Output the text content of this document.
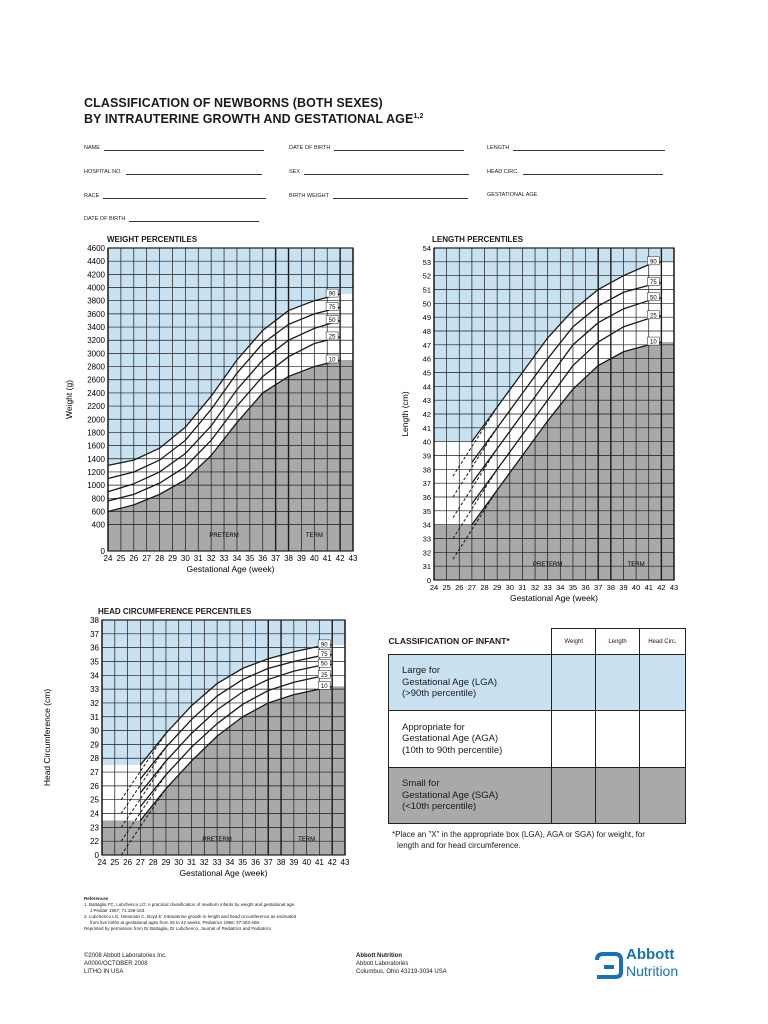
CLASSIFICATION OF NEWBORNS (BOTH SEXES)
BY INTRAUTERINE GROWTH AND GESTATIONAL AGE$^{1,2}$
NAME	DATE OF BIRTH	LENGTH
HOSPITAL NO.	SEX	HEAD CIRC.
RACE	BIRTH WEIGHT	GESTATIONAL AGE
DATE OF BIRTH
WEIGHT PERCENTILES	LENGTH PERCENTILES
HEAD CIRCUMFERENCE PERCENTILES
90
75
50
25
10
24 25 26 27 28 29 30 31 32 33 34 35 36 37 38 39 40 41 42 43
0
400
600
800
1000
1200
1400
1600
1800
2000
2200
2400
2600
2800
3000
3200
3400
3600
3800
4000
4200
4400
4600
Gestational Age (week)
Weight (g)
PRETERM	TERM
90
75
50
25
10
24 25 26 27 28 29 30 31 32 33 34 35 36 37 38 39 40 41 42 43
0
31
32
33
34
35
36
37
38
39
40
41
42
43
44
45
46
47
48
49
50
51
52
53
54
Gestational Age (week)
Length (cm)
PRETERM	TERM
90
75
50
25
10
24 25 26 27 28 29 30 31 32 33 34 35 36 37 38 39 40 41 42 43
0
22
23
24
25
26
27
28
29
30
31
32
33
34
35
36
37
38
Gestational Age (week)
Head Circumference (cm)
PRETERM	TERM
CLASSIFICATION OF INFANT*	Weight	Length	Head Circ.

Large for
Gestational Age (LGA)
(>90th percentile)			

Appropriate for
Gestational Age (AGA)
(10th to 90th percentile)			

Small for
Gestational Age (SGA)
(<10th percentile)			

*Place an "X" in the appropriate box (LGA), AGA or SGA) for weight, for
length and for head circumference.
References
1. Battaglia FC, Lubchenco LO: A practical classification of newborn infants by weight and gestational age.
J Pediatr 1967; 71:159-163.
2. Lubchenco LO, Hansman C, Boyd E: Intrauterine growth in length and head circumference as estimated
from live births at gestational ages from 26 to 42 weeks. Pediatrics 1966; 37:403-408.
Reprinted by permission from Dr Battaglia, Dr Lubchenco, Journal of Pediatrics and Pediatrics
©2008 Abbott Laboratories Inc.
A0000/OCTOBER 2008
LITHO IN USA
Abbott Nutrition
Abbott Laboratories
Columbus, Ohio 43219-3034 USA
Abbott
Nutrition
